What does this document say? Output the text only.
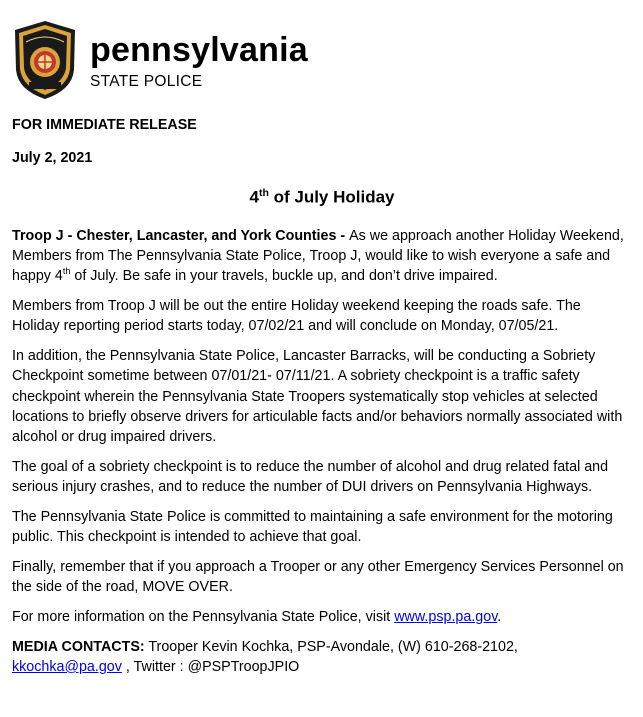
pennsylvania
STATE POLICE
FOR IMMEDIATE RELEASE
July 2, 2021
4th of July Holiday

Troop J - Chester, Lancaster, and York Counties - As we approach another Holiday Weekend, Members from The Pennsylvania State Police, Troop J, would like to wish everyone a safe and happy 4th of July. Be safe in your travels, buckle up, and don’t drive impaired.

Members from Troop J will be out the entire Holiday weekend keeping the roads safe. The Holiday reporting period starts today, 07/02/21 and will conclude on Monday, 07/05/21.

In addition, the Pennsylvania State Police, Lancaster Barracks, will be conducting a Sobriety Checkpoint sometime between 07/01/21- 07/11/21. A sobriety checkpoint is a traffic safety checkpoint wherein the Pennsylvania State Troopers systematically stop vehicles at selected locations to briefly observe drivers for articulable facts and/or behaviors normally associated with alcohol or drug impaired drivers.

The goal of a sobriety checkpoint is to reduce the number of alcohol and drug related fatal and serious injury crashes, and to reduce the number of DUI drivers on Pennsylvania Highways.

The Pennsylvania State Police is committed to maintaining a safe environment for the motoring public. This checkpoint is intended to achieve that goal.

Finally, remember that if you approach a Trooper or any other Emergency Services Personnel on the side of the road, MOVE OVER.

For more information on the Pennsylvania State Police, visit www.psp.pa.gov.

MEDIA CONTACTS: Trooper Kevin Kochka, PSP-Avondale, (W) 610-268-2102,
kkochka@pa.gov , Twitter : @PSPTroopJPIO
